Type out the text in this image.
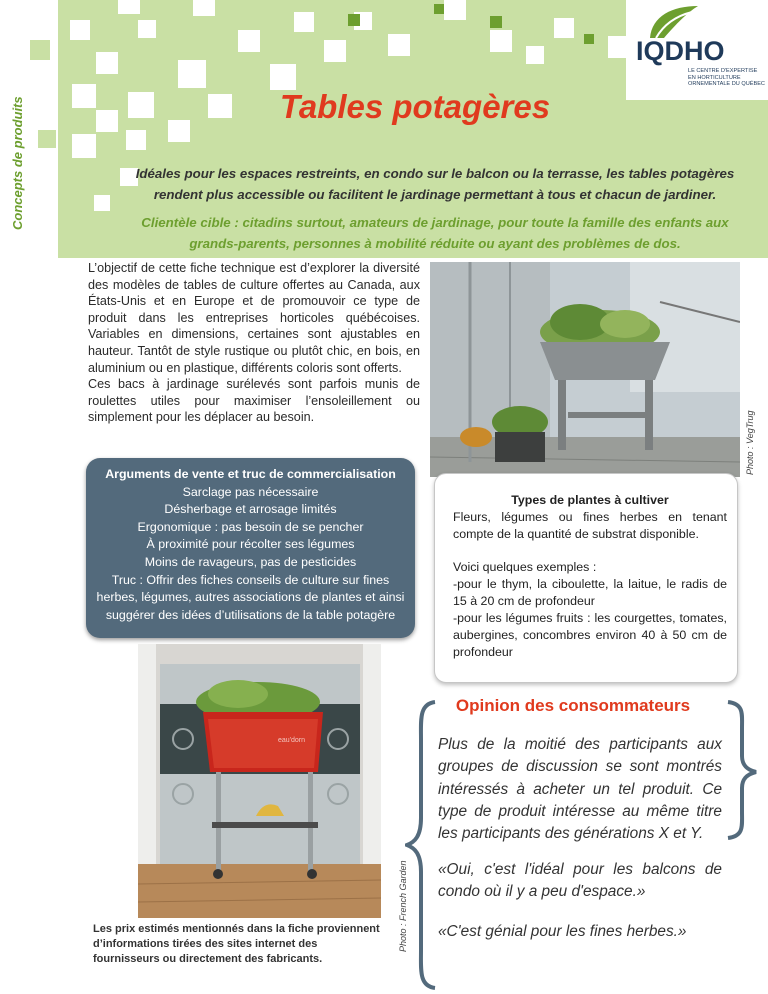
IQDHO
LE CENTRE D'EXPERTISE
EN HORTICULTURE
ORNEMENTALE DU QUÉBEC
Concepts de produits	Tables potagères
Idéales pour les espaces restreints, en condo sur le balcon ou la terrasse, les tables potagères rendent plus accessible ou facilitent le jardinage permettant à tous et chacun de jardiner.
Clientèle cible : citadins surtout, amateurs de jardinage, pour toute la famille des enfants aux grands-parents, personnes à mobilité réduite ou ayant des problèmes de dos.

L’objectif de cette fiche technique est d’explorer la diversité des modèles de tables de culture offertes au Canada, aux États-Unis et en Europe et de promouvoir ce type de produit dans les entreprises horticoles québécoises. Variables en dimensions, certaines sont ajustables en hauteur. Tantôt de style rustique ou plutôt chic, en bois, en aluminium ou en plastique, différents coloris sont offerts.

Ces bacs à jardinage surélevés sont parfois munis de roulettes utiles pour maximiser l’ensoleillement ou simplement pour les déplacer au besoin.	Photo : VegTrug
Arguments de vente et truc de commercialisation
Sarclage pas nécessaire
Désherbage et arrosage limités
Ergonomique : pas besoin de se pencher
À proximité pour récolter ses légumes
Moins de ravageurs, pas de pesticides
Truc : Offrir des fiches conseils de culture sur fines herbes, légumes, autres associations de plantes et ainsi suggérer des idées d’utilisations de la table potagère
Types de plantes à cultiver
Fleurs, légumes ou fines herbes en tenant compte de la quantité de substrat disponible.
Voici quelques exemples :
-pour le thym, la ciboulette, la laitue, le radis de 15 à 20 cm de profondeur
-pour les légumes fruits : les courgettes, tomates, aubergines, concombres environ 40 à 50 cm de profondeur
eau'dorn
Photo : French Garden
Les prix estimés mentionnés dans la fiche proviennent d’informations tirées des sites internet des fournisseurs ou directement des fabricants.
Opinion des consommateurs
Plus de la moitié des participants aux groupes de discussion se sont montrés intéressés à acheter un tel produit. Ce type de produit intéresse au même titre les participants des générations X et Y.
«Oui, c'est l'idéal pour les balcons de condo où il y a peu d'espace.»
«C'est génial pour les fines herbes.»
